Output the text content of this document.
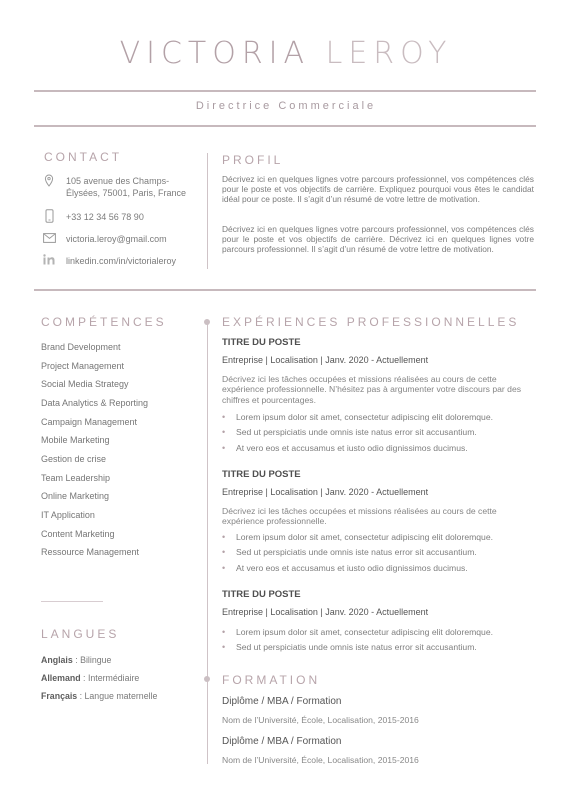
VICTORIA LEROY
Directrice Commerciale
CONTACT
105 avenue des Champs-Élysées, 75001, Paris, France
+33 12 34 56 78 90
victoria.leroy@gmail.com
linkedin.com/in/victorialeroy
PROFIL
Décrivez ici en quelques lignes votre parcours professionnel, vos compétences clés pour le poste et vos objectifs de carrière. Expliquez pourquoi vous êtes le candidat idéal pour ce poste. Il s’agit d’un résumé de votre lettre de motivation.
Décrivez ici en quelques lignes votre parcours professionnel, vos compétences clés pour le poste et vos objectifs de carrière. Décrivez ici en quelques lignes votre parcours professionnel. Il s’agit d’un résumé de votre lettre de motivation.
COMPÉTENCES
Brand Development
Project Management
Social Media Strategy
Data Analytics & Reporting
Campaign Management
Mobile Marketing
Gestion de crise
Team Leadership
Online Marketing
IT Application
Content Marketing
Ressource Management
LANGUES
Anglais : Bilingue
Allemand : Intermédiaire
Français : Langue maternelle
EXPÉRIENCES PROFESSIONNELLES
TITRE DU POSTE
Entreprise | Localisation | Janv. 2020 - Actuellement
Décrivez ici les tâches occupées et missions réalisées au cours de cette expérience professionnelle. N’hésitez pas à argumenter votre discours par des chiffres et pourcentages.
•	Lorem ipsum dolor sit amet, consectetur adipiscing elit doloremque.
•	Sed ut perspiciatis unde omnis iste natus error sit accusantium.
•	At vero eos et accusamus et iusto odio dignissimos ducimus.
TITRE DU POSTE
Entreprise | Localisation | Janv. 2020 - Actuellement
Décrivez ici les tâches occupées et missions réalisées au cours de cette expérience professionnelle.
•	Lorem ipsum dolor sit amet, consectetur adipiscing elit doloremque.
•	Sed ut perspiciatis unde omnis iste natus error sit accusantium.
•	At vero eos et accusamus et iusto odio dignissimos ducimus.
TITRE DU POSTE
Entreprise | Localisation | Janv. 2020 - Actuellement
•	Lorem ipsum dolor sit amet, consectetur adipiscing elit doloremque.
•	Sed ut perspiciatis unde omnis iste natus error sit accusantium.
FORMATION
Diplôme / MBA / Formation
Nom de l’Université, École, Localisation, 2015-2016
Diplôme / MBA / Formation
Nom de l’Université, École, Localisation, 2015-2016
